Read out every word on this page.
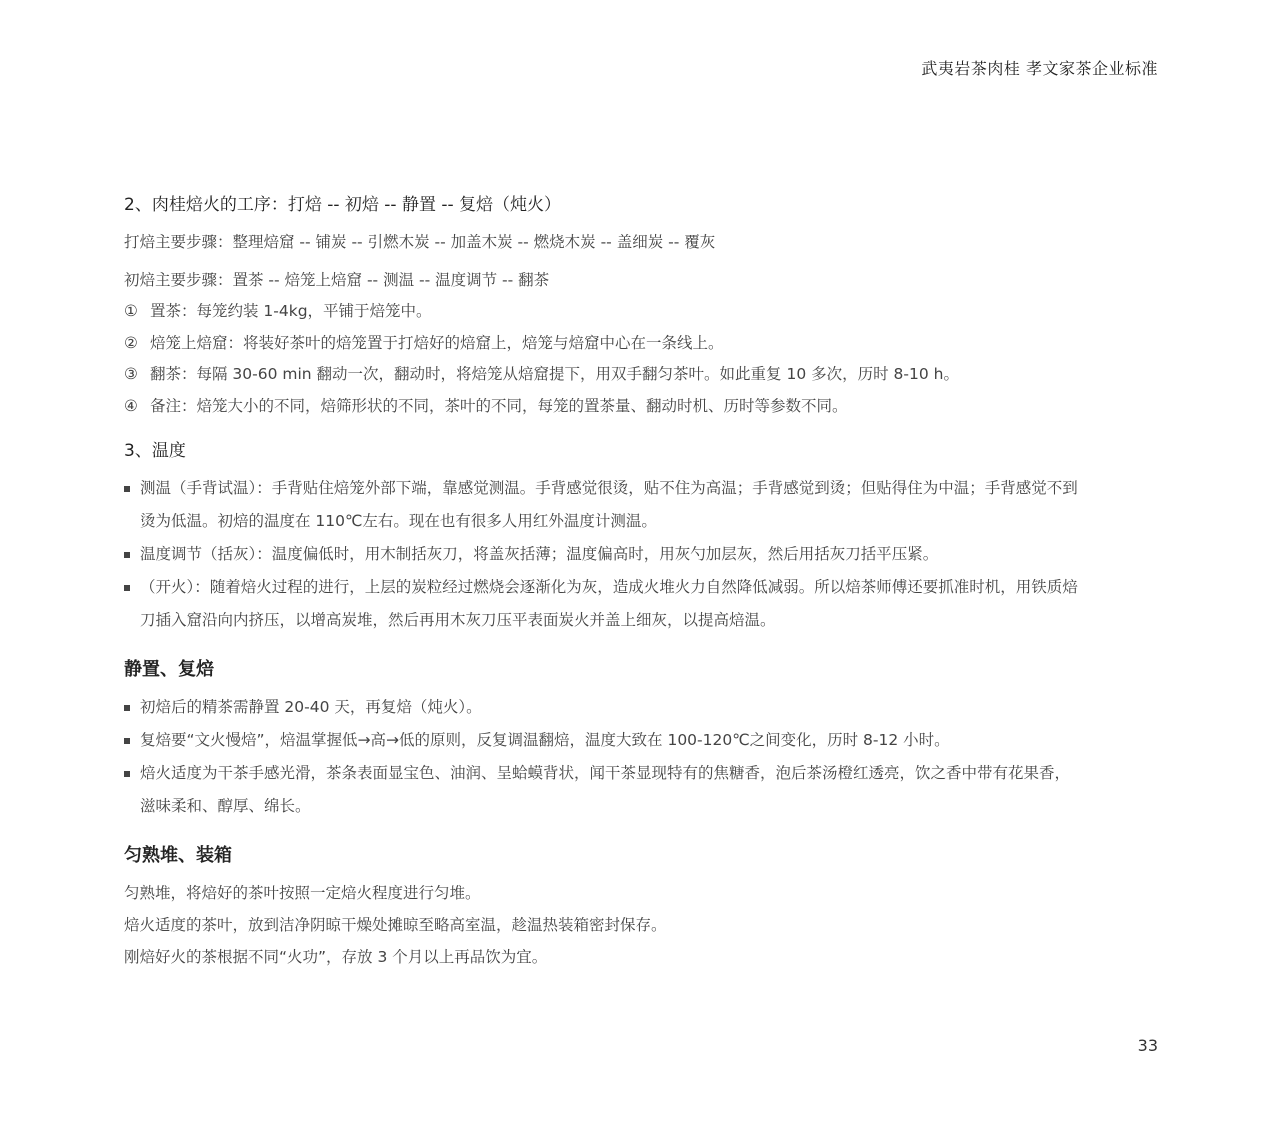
武夷岩茶肉桂 孝文家茶企业标准

2、肉桂焙火的工序：打焙 -- 初焙 -- 静置 -- 复焙（炖火）

打焙主要步骤：整理焙窟 -- 铺炭 -- 引燃木炭 -- 加盖木炭 -- 燃烧木炭 -- 盖细炭 -- 覆灰

初焙主要步骤：置茶 -- 焙笼上焙窟 -- 测温 -- 温度调节 -- 翻茶

① 置茶：每笼约装 1-4kg，平铺于焙笼中。
② 焙笼上焙窟：将装好茶叶的焙笼置于打焙好的焙窟上，焙笼与焙窟中心在一条线上。
③ 翻茶：每隔 30-60 min 翻动一次，翻动时，将焙笼从焙窟提下，用双手翻匀茶叶。如此重复 10 多次，历时 8-10 h。
④ 备注：焙笼大小的不同，焙筛形状的不同，茶叶的不同，每笼的置茶量、翻动时机、历时等参数不同。

3、温度

测温（手背试温）：手背贴住焙笼外部下端，靠感觉测温。手背感觉很烫，贴不住为高温；手背感觉到烫；但贴得住为中温；手背感觉不到烫为低温。初焙的温度在 110℃左右。现在也有很多人用红外温度计测温。
温度调节（括灰）：温度偏低时，用木制括灰刀，将盖灰括薄；温度偏高时，用灰勺加层灰，然后用括灰刀括平压紧。
（开火）：随着焙火过程的进行，上层的炭粒经过燃烧会逐渐化为灰，造成火堆火力自然降低减弱。所以焙茶师傅还要抓准时机，用铁质焙刀插入窟沿向内挤压，以增高炭堆，然后再用木灰刀压平表面炭火并盖上细灰，以提高焙温。

静置、复焙

初焙后的精茶需静置 20-40 天，再复焙（炖火）。
复焙要“文火慢焙”，焙温掌握低→高→低的原则，反复调温翻焙，温度大致在 100-120℃之间变化，历时 8-12 小时。
焙火适度为干茶手感光滑，茶条表面显宝色、油润、呈蛤蟆背状，闻干茶显现特有的焦糖香，泡后茶汤橙红透亮，饮之香中带有花果香，滋味柔和、醇厚、绵长。

匀熟堆、装箱

匀熟堆，将焙好的茶叶按照一定焙火程度进行匀堆。

焙火适度的茶叶，放到洁净阴晾干燥处摊晾至略高室温，趁温热装箱密封保存。

刚焙好火的茶根据不同“火功”，存放 3 个月以上再品饮为宜。

33
